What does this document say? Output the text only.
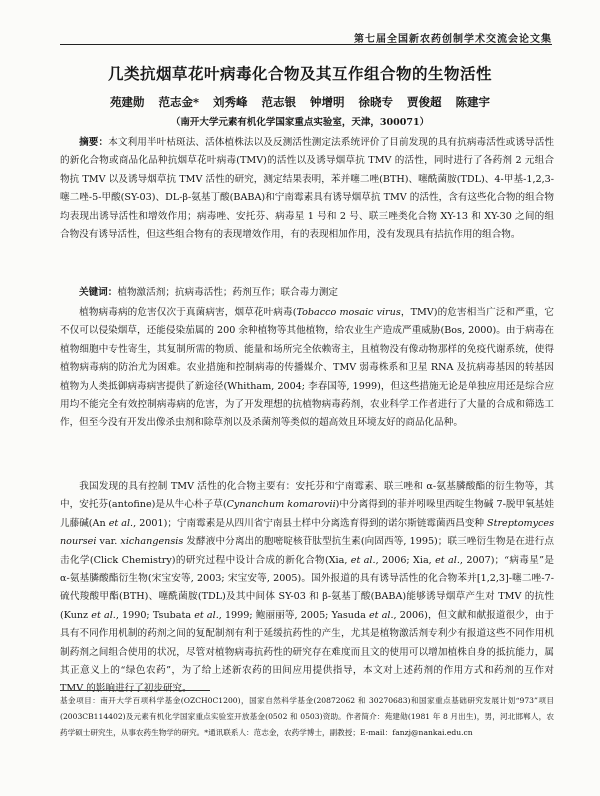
第七届全国新农药创制学术交流会论文集
几类抗烟草花叶病毒化合物及其互作组合物的生物活性
苑建勋 范志金* 刘秀峰 范志银 钟增明 徐晓专 贾俊超 陈建宇
（南开大学元素有机化学国家重点实验室，天津，300071）
摘要：本文利用半叶枯斑法、活体植株法以及反测活性测定法系统评价了目前发现的具有抗病毒活性或诱导活性的新化合物或商品化品种抗烟草花叶病毒(TMV)的活性以及诱导烟草抗 TMV 的活性，同时进行了各药剂 2 元组合物抗 TMV 以及诱导烟草抗 TMV 活性的研究，测定结果表明，苯并噻二唑(BTH)、噻酰菌胺(TDL)、4-甲基-1,2,3-噻二唑-5-甲酸(SY-03)、DL-β-氨基丁酸(BABA)和宁南霉素具有诱导烟草抗 TMV 的活性，含有这些化合物的组合物均表现出诱导活性和增效作用；病毒唑、安托芬、病毒星 1 号和 2 号、联三唑类化合物 XY-13 和 XY-30 之间的组合物没有诱导活性，但这些组合物有的表现增效作用，有的表现相加作用，没有发现具有拮抗作用的组合物。
关键词：植物激活剂；抗病毒活性；药剂互作；联合毒力测定
植物病毒病的危害仅次于真菌病害，烟草花叶病毒(Tobacco mosaic virus，TMV)的危害相当广泛和严重，它不仅可以侵染烟草，还能侵染茄属的 200 余种植物等其他植物，给农业生产造成严重威胁(Bos, 2000)。由于病毒在植物细胞中专性寄生，其复制所需的物质、能量和场所完全依赖寄主，且植物没有像动物那样的免疫代谢系统，使得植物病毒病的防治尤为困难。农业措施和控制病毒的传播媒介、TMV 弱毒株系和卫星 RNA 及抗病毒基因的转基因植物为人类抵御病毒病害提供了新途径(Whitham, 2004; 李春国等, 1999)，但这些措施无论是单独应用还是综合应用均不能完全有效控制病毒病的危害，为了开发理想的抗植物病毒药剂，农业科学工作者进行了大量的合成和筛选工作，但至今没有开发出像杀虫剂和除草剂以及杀菌剂等类似的超高效且环境友好的商品化品种。
我国发现的具有控制 TMV 活性的化合物主要有：安托芬和宁南霉素、联三唑和 α-氨基膦酸酯的衍生物等，其中，安托芬(antofine)是从牛心朴子草(Cynanchum komarovii)中分离得到的菲并吲哚里西啶生物碱 7-脱甲氧基娃儿藤碱(An et al., 2001)；宁南霉素是从四川省宁南县土样中分离选育得到的诺尔斯链霉菌西昌变种 Streptomyces noursei var. xichangensis 发酵液中分离出的胞嘧啶核苷肽型抗生素(向固西等, 1995)；联三唑衍生物是在进行点击化学(Click Chemistry)的研究过程中设计合成的新化合物(Xia, et al., 2006; Xia, et al., 2007)；“病毒星”是 α-氨基膦酸酯衍生物(宋宝安等, 2003; 宋宝安等, 2005)。国外报道的具有诱导活性的化合物苯并[1,2,3]-噻二唑-7-硫代羧酸甲酯(BTH)、噻酰菌胺(TDL)及其中间体 SY-03 和 β-氨基丁酸(BABA)能够诱导烟草产生对 TMV 的抗性(Kunz et al., 1990; Tsubata et al., 1999; 鲍丽丽等, 2005; Yasuda et al., 2006)，但文献和献报道很少，由于具有不同作用机制的药剂之间的复配制剂有利于延缓抗药性的产生，尤其是植物激活剂专利少有报道这些不同作用机制药剂之间组合使用的状况，尽管对植物病毒抗药性的研究存在难度而且文的使用可以增加植株自身的抵抗能力，属其正意义上的“绿色农药”，为了给上述新农药的田间应用提供指导，本文对上述药剂的作用方式和药剂的互作对 TMV 的影响进行了初步研究。
基金项目：南开大学百项科学基金(OZCH0C1200)，国家自然科学基金(20872062 和 30270683)和国家重点基础研究发展计划“973”项目(2003CB114402)及元素有机化学国家重点实验室开放基金(0502 和 0503)资助。作者简介：苑建勋(1981 年 8 月出生)，男，河北邯郸人，农药学硕士研究生，从事农药生物学的研究。*通讯联系人：范志金，农药学博士，副教授；E-mail：fanzj@nankai.edu.cn
